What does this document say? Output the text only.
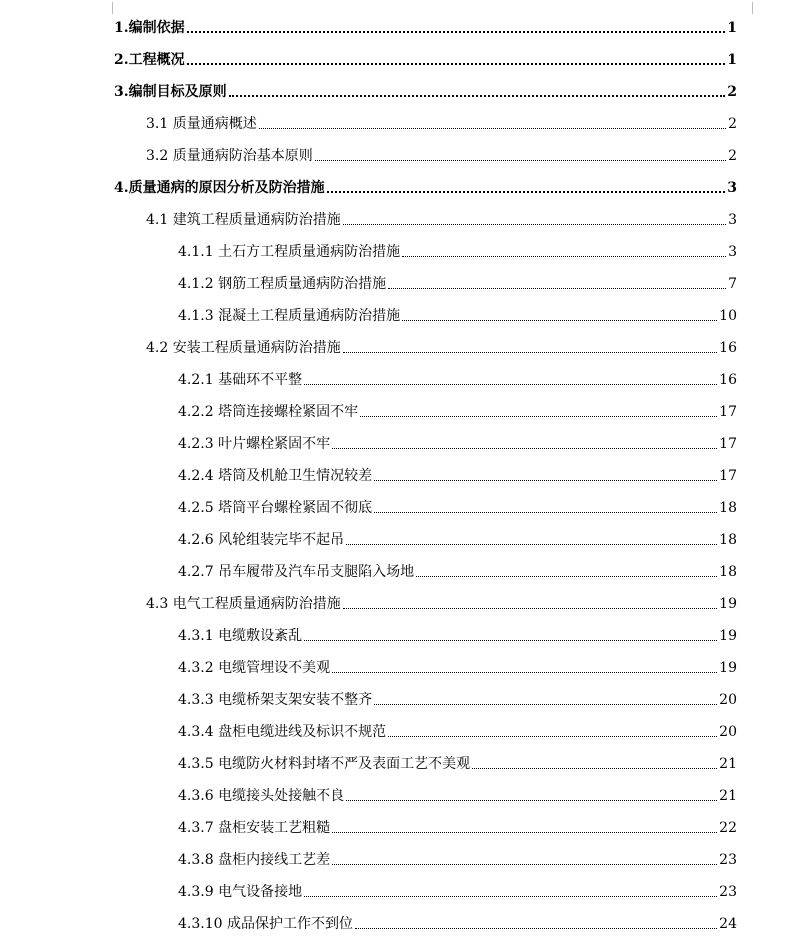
1.编制依据	1
2.工程概况	1
3.编制目标及原则	2
3.1 质量通病概述	2
3.2 质量通病防治基本原则	2
4.质量通病的原因分析及防治措施	3
4.1 建筑工程质量通病防治措施	3
4.1.1 土石方工程质量通病防治措施	3
4.1.2 钢筋工程质量通病防治措施	7
4.1.3 混凝土工程质量通病防治措施	10
4.2 安装工程质量通病防治措施	16
4.2.1 基础环不平整	16
4.2.2 塔筒连接螺栓紧固不牢	17
4.2.3 叶片螺栓紧固不牢	17
4.2.4 塔筒及机舱卫生情况较差	17
4.2.5 塔筒平台螺栓紧固不彻底	18
4.2.6 风轮组装完毕不起吊	18
4.2.7 吊车履带及汽车吊支腿陷入场地	18
4.3 电气工程质量通病防治措施	19
4.3.1 电缆敷设紊乱	19
4.3.2 电缆管埋设不美观	19
4.3.3 电缆桥架支架安装不整齐	20
4.3.4 盘柜电缆进线及标识不规范	20
4.3.5 电缆防火材料封堵不严及表面工艺不美观	21
4.3.6 电缆接头处接触不良	21
4.3.7 盘柜安装工艺粗糙	22
4.3.8 盘柜内接线工艺差	23
4.3.9 电气设备接地	23
4.3.10 成品保护工作不到位	24
